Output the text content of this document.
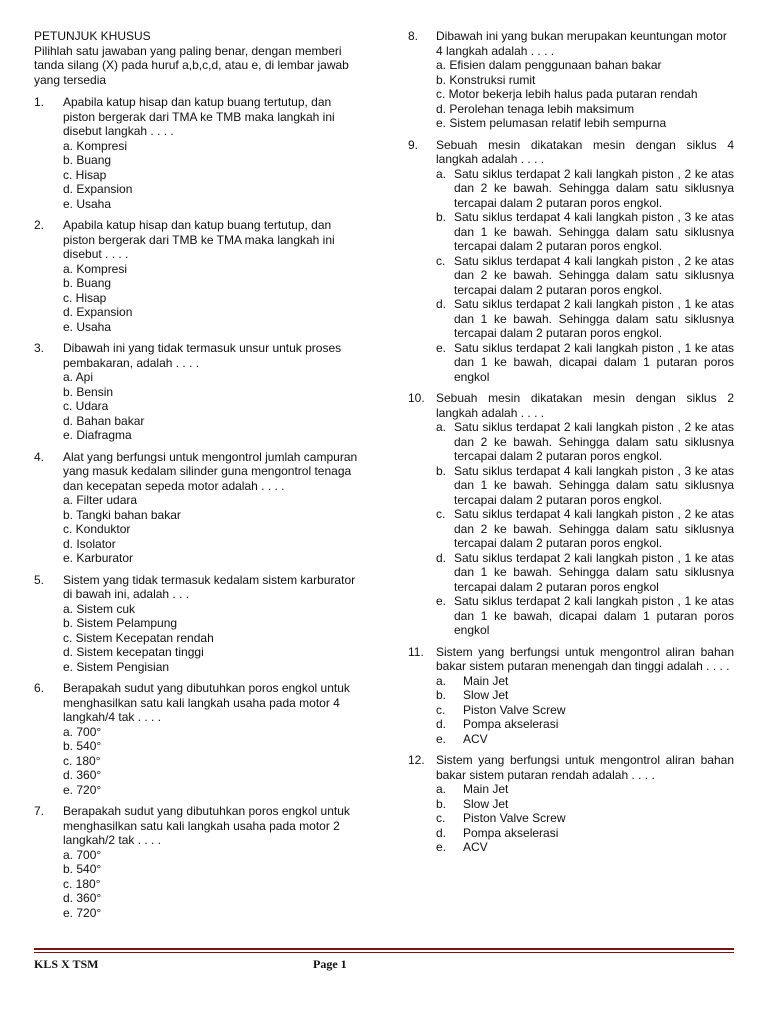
PETUNJUK KHUSUS
Pilihlah satu jawaban yang paling benar, dengan memberi tanda silang (X) pada huruf a,b,c,d, atau e, di lembar jawab yang tersedia
1.	Apabila katup hisap dan katup buang tertutup, dan piston bergerak dari TMA ke TMB maka langkah ini disebut langkah . . . .
a. Kompresi
b. Buang
c. Hisap
d. Expansion
e. Usaha
2.	Apabila katup hisap dan katup buang tertutup, dan piston bergerak dari TMB ke TMA maka langkah ini disebut . . . .
a. Kompresi
b. Buang
c. Hisap
d. Expansion
e. Usaha
3.	Dibawah ini yang tidak termasuk unsur untuk proses pembakaran, adalah . . . .
a. Api
b. Bensin
c. Udara
d. Bahan bakar
e. Diafragma
4.	Alat yang berfungsi untuk mengontrol jumlah campuran yang masuk kedalam silinder guna mengontrol tenaga dan kecepatan sepeda motor adalah . . . .
a. Filter udara
b. Tangki bahan bakar
c. Konduktor
d. Isolator
e. Karburator
5.	Sistem yang tidak termasuk kedalam sistem karburator di bawah ini, adalah . . .
a. Sistem cuk
b. Sistem Pelampung
c. Sistem Kecepatan rendah
d. Sistem kecepatan tinggi
e. Sistem Pengisian
6.	Berapakah sudut yang dibutuhkan poros engkol untuk menghasilkan satu kali langkah usaha pada motor 4 langkah/4 tak . . . .
a. 700°
b. 540°
c. 180°
d. 360°
e. 720°
7.	Berapakah sudut yang dibutuhkan poros engkol untuk menghasilkan satu kali langkah usaha pada motor 2 langkah/2 tak . . . .
a. 700°
b. 540°
c. 180°
d. 360°
e. 720°
8.	Dibawah ini yang bukan merupakan keuntungan motor 4 langkah adalah . . . .
a. Efisien dalam penggunaan bahan bakar
b. Konstruksi rumit
c. Motor bekerja lebih halus pada putaran rendah
d. Perolehan tenaga lebih maksimum
e. Sistem pelumasan relatif lebih sempurna
9.	Sebuah mesin dikatakan mesin dengan siklus 4 langkah adalah . . . .
a. Satu siklus terdapat 2 kali langkah piston , 2 ke atas dan 2 ke bawah. Sehingga dalam satu siklusnya tercapai dalam 2 putaran poros engkol.
b. Satu siklus terdapat 4 kali langkah piston , 3 ke atas dan 1 ke bawah. Sehingga dalam satu siklusnya tercapai dalam 2 putaran poros engkol.
c. Satu siklus terdapat 4 kali langkah piston , 2 ke atas dan 2 ke bawah. Sehingga dalam satu siklusnya tercapai dalam 2 putaran poros engkol.
d. Satu siklus terdapat 2 kali langkah piston , 1 ke atas dan 1 ke bawah. Sehingga dalam satu siklusnya tercapai dalam 2 putaran poros engkol.
e. Satu siklus terdapat 2 kali langkah piston , 1 ke atas dan 1 ke bawah, dicapai dalam 1 putaran poros engkol
10. Sebuah mesin dikatakan mesin dengan siklus 2 langkah adalah . . . .
a. Satu siklus terdapat 2 kali langkah piston , 2 ke atas dan 2 ke bawah. Sehingga dalam satu siklusnya tercapai dalam 2 putaran poros engkol.
b. Satu siklus terdapat 4 kali langkah piston , 3 ke atas dan 1 ke bawah. Sehingga dalam satu siklusnya tercapai dalam 2 putaran poros engkol.
c. Satu siklus terdapat 4 kali langkah piston , 2 ke atas dan 2 ke bawah. Sehingga dalam satu siklusnya tercapai dalam 2 putaran poros engkol.
d. Satu siklus terdapat 2 kali langkah piston , 1 ke atas dan 1 ke bawah. Sehingga dalam satu siklusnya tercapai dalam 2 putaran poros engkol
e. Satu siklus terdapat 2 kali langkah piston , 1 ke atas dan 1 ke bawah, dicapai dalam 1 putaran poros engkol
11.	Sistem yang berfungsi untuk mengontrol aliran bahan bakar sistem putaran menengah dan tinggi adalah . . . .
a.	Main Jet
b.	Slow Jet
c.	Piston Valve Screw
d.	Pompa akselerasi
e.	ACV
12. Sistem yang berfungsi untuk mengontrol aliran bahan bakar sistem putaran rendah adalah . . . .
a.	Main Jet
b.	Slow Jet
c.	Piston Valve Screw
d.	Pompa akselerasi
e.	ACV
KLS X TSM	Page 1
